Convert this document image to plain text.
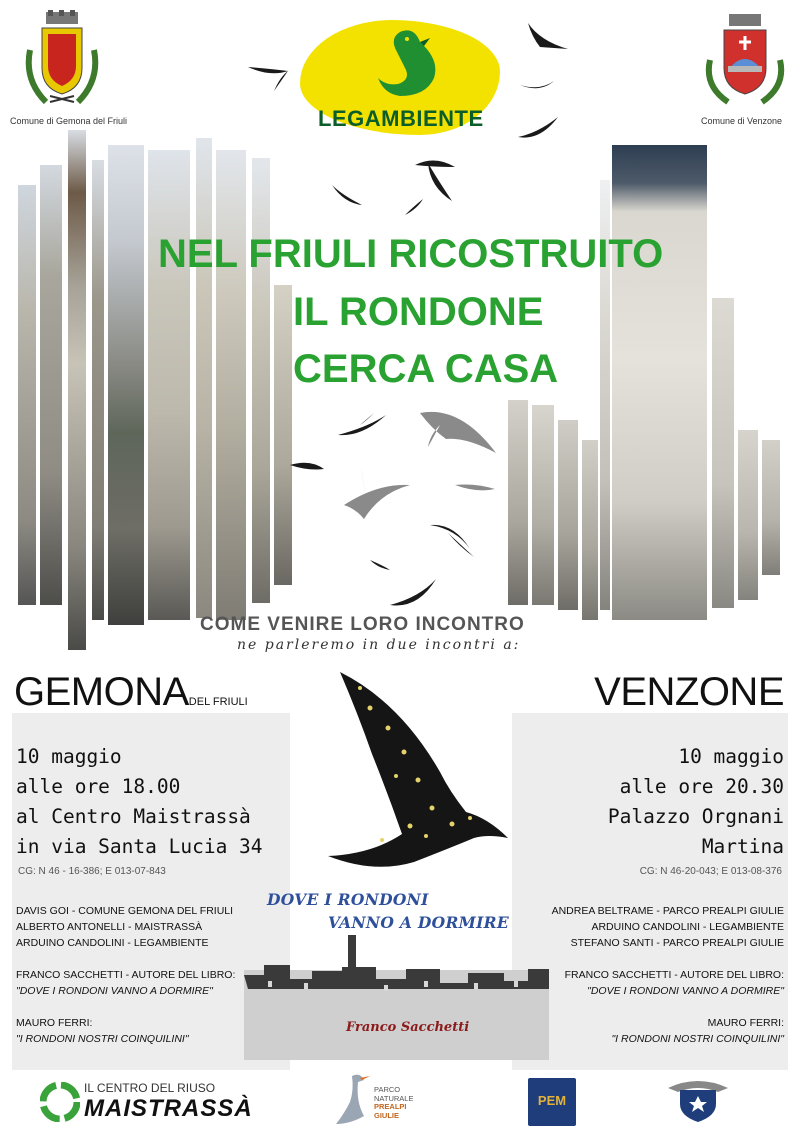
Comune di Gemona del Friuli	Comune di Venzone
LEGAMBIENTE
NEL FRIULI RICOSTRUITO
IL RONDONE
CERCA CASA
COME VENIRE LORO INCONTRO
ne parleremo in due incontri a:
GEMONADEL FRIULI
10 maggio
alle ore 18.00
al Centro Maistrassà
in via Santa Lucia 34
CG: N 46 - 16-386; E 013-07-843
DAVIS GOI - COMUNE GEMONA DEL FRIULI
ALBERTO ANTONELLI - MAISTRASSÀ
ARDUINO CANDOLINI - LEGAMBIENTE
FRANCO SACCHETTI - AUTORE DEL LIBRO:
"DOVE I RONDONI VANNO A DORMIRE"
MAURO FERRI:
"I RONDONI NOSTRI COINQUILINI"
VENZONE
10 maggio
alle ore 20.30
Palazzo Orgnani
Martina
CG: N 46-20-043; E 013-08-376
ANDREA BELTRAME - PARCO PREALPI GIULIE
ARDUINO CANDOLINI - LEGAMBIENTE
STEFANO SANTI - PARCO PREALPI GIULIE
FRANCO SACCHETTI - AUTORE DEL LIBRO:
"DOVE I RONDONI VANNO A DORMIRE"
MAURO FERRI:
"I RONDONI NOSTRI COINQUILINI"
DOVE I RONDONI
VANNO A DORMIRE
Franco Sacchetti
IL CENTRO DEL RIUSO
MAISTRASSÀ
PARCO
NATURALE
PREALPI
GIULIE
PEM
